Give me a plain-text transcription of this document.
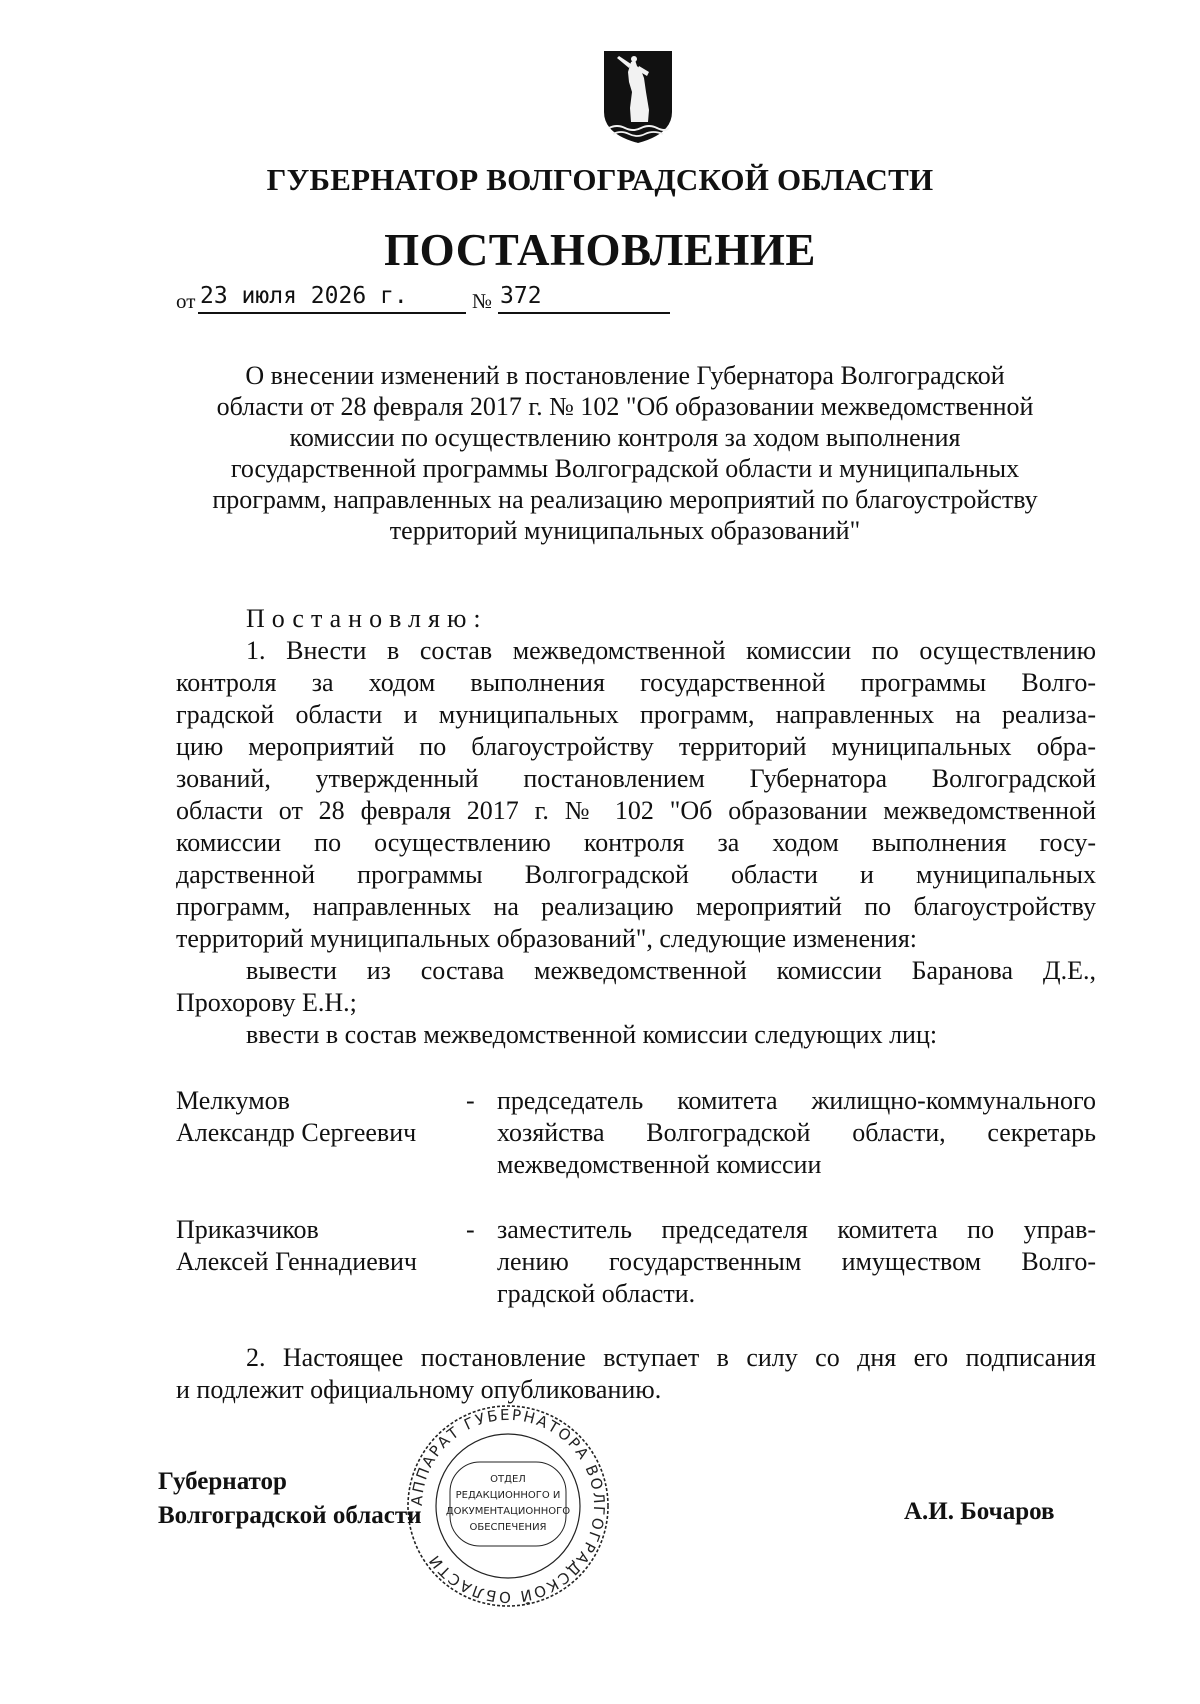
ГУБЕРНАТОР ВОЛГОГРАДСКОЙ ОБЛАСТИ
ПОСТАНОВЛЕНИЕ
от 23 июля 2026 г.	№ 372
О внесении изменений в постановление Губернатора Волгоградской
области от 28 февраля 2017 г. № 102 "Об образовании межведомственной
комиссии по осуществлению контроля за ходом выполнения
государственной программы Волгоградской области и муниципальных
программ, направленных на реализацию мероприятий по благоустройству
территорий муниципальных образований"
Постановляю:
1. Внести в состав межведомственной комиссии по осуществлению
контроля за ходом выполнения государственной программы Волго-
градской области и муниципальных программ, направленных на реализа-
цию мероприятий по благоустройству территорий муниципальных обра-
зований, утвержденный постановлением Губернатора Волгоградской
области от 28 февраля 2017 г. № 102 "Об образовании межведомственной
комиссии по осуществлению контроля за ходом выполнения госу-
дарственной программы Волгоградской области и муниципальных
программ, направленных на реализацию мероприятий по благоустройству
территорий муниципальных образований", следующие изменения:
вывести из состава межведомственной комиссии Баранова Д.Е.,
Прохорову Е.Н.;
ввести в состав межведомственной комиссии следующих лиц:
Мелкумов
Александр Сергеевич
- председатель комитета жилищно-коммунального
хозяйства Волгоградской области, секретарь
межведомственной комиссии
Приказчиков
Алексей Геннадиевич
- заместитель председателя комитета по управ-
лению государственным имуществом Волго-
градской области.
2. Настоящее постановление вступает в силу со дня его подписания
и подлежит официальному опубликованию.
АППАРАТ ГУБЕРНАТОРА ВОЛГОГРАДСКОЙ ОБЛАСТИ
ОТДЕЛ
РЕДАКЦИОННОГО И
ДОКУМЕНТАЦИОННОГО
ОБЕСПЕЧЕНИЯ
Губернатор
Волгоградской области	А.И. Бочаров
